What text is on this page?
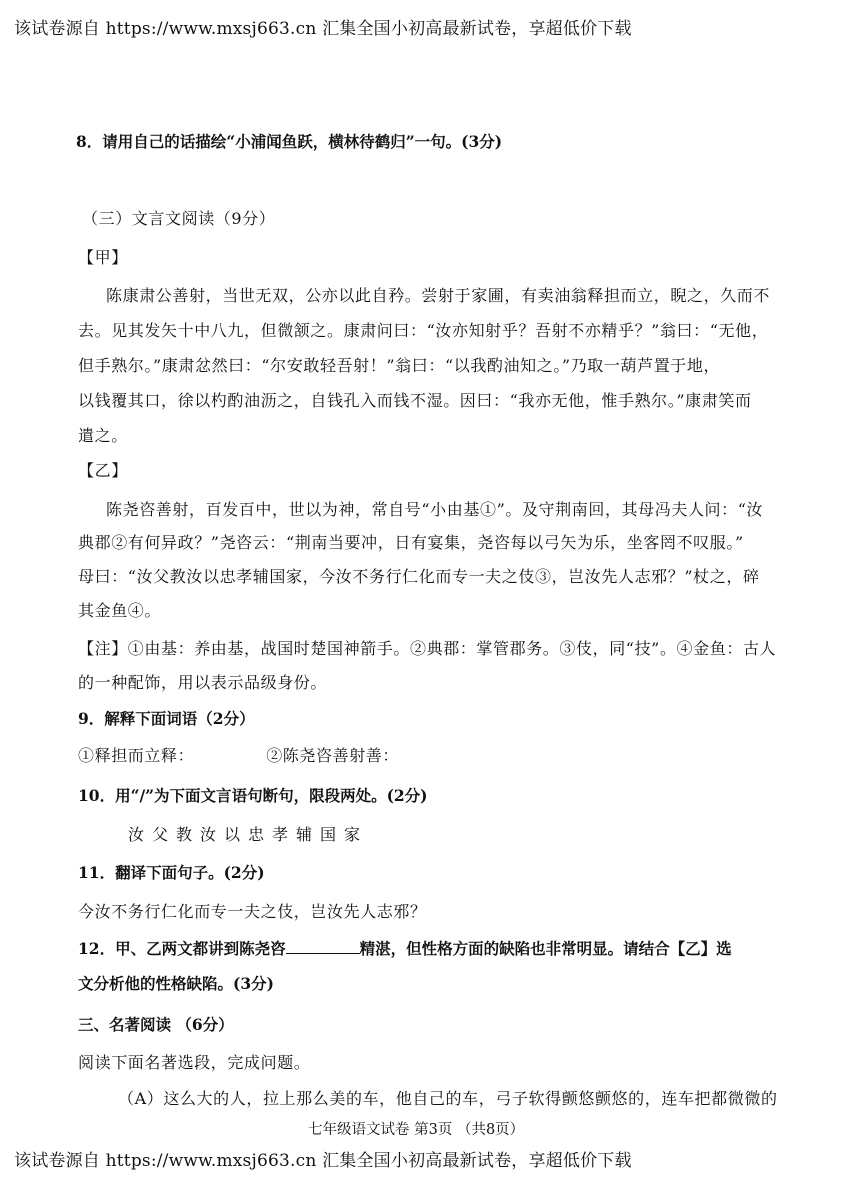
该试卷源自 https://www.mxsj663.cn 汇集全国小初高最新试卷，享超低价下载
8．请用自己的话描绘“小浦闻鱼跃，横林待鹤归”一句。(3分)
（三）文言文阅读（9分）
【甲】
陈康肃公善射，当世无双，公亦以此自矜。尝射于家圃，有卖油翁释担而立，睨之，久而不
去。见其发矢十中八九，但微颔之。康肃问曰：“汝亦知射乎？吾射不亦精乎？”翁曰：“无他，
但手熟尔。”康肃忿然曰：“尔安敢轻吾射！”翁曰：“以我酌油知之。”乃取一葫芦置于地，
以钱覆其口，徐以杓酌油沥之，自钱孔入而钱不湿。因曰：“我亦无他，惟手熟尔。”康肃笑而
遣之。
【乙】
陈尧咨善射，百发百中，世以为神，常自号“小由基①”。及守荆南回，其母冯夫人问：“汝
典郡②有何异政？”尧咨云：“荆南当要冲，日有宴集，尧咨每以弓矢为乐，坐客罔不叹服。”
母曰：“汝父教汝以忠孝辅国家，今汝不务行仁化而专一夫之伎③，岂汝先人志邪？”杖之，碎
其金鱼④。
【注】①由基：养由基，战国时楚国神箭手。②典郡：掌管郡务。③伎，同“技”。④金鱼：古人
的一种配饰，用以表示品级身份。
9．解释下面词语（2分）
①释担而立释：	②陈尧咨善射善：
10．用“/”为下面文言语句断句，限段两处。(2分)
汝父教汝以忠孝辅国家
11．翻译下面句子。(2分)
今汝不务行仁化而专一夫之伎，岂汝先人志邪？
12．甲、乙两文都讲到陈尧咨	精湛，但性格方面的缺陷也非常明显。请结合【乙】选
文分析他的性格缺陷。(3分)
三、名著阅读 （6分）
阅读下面名著选段，完成问题。
（A）这么大的人，拉上那么美的车，他自己的车，弓子软得颤悠颤悠的，连车把都微微的
七年级语文试卷 第3页 （共8页）
该试卷源自 https://www.mxsj663.cn 汇集全国小初高最新试卷，享超低价下载
